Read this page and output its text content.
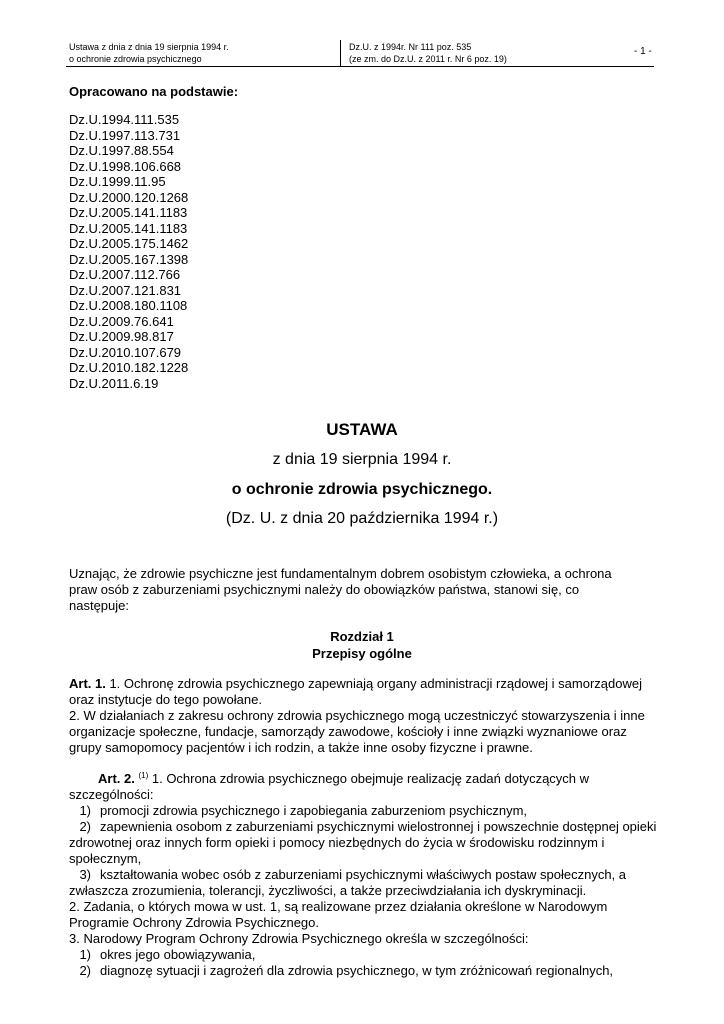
Ustawa z dnia z dnia 19 sierpnia 1994 r.
o ochronie zdrowia psychicznego
Dz.U. z 1994r. Nr 111 poz. 535
(ze zm. do Dz.U. z 2011 r. Nr 6 poz. 19)
- 1 -
Opracowano na podstawie:
Dz.U.1994.111.535
Dz.U.1997.113.731
Dz.U.1997.88.554
Dz.U.1998.106.668
Dz.U.1999.11.95
Dz.U.2000.120.1268
Dz.U.2005.141.1183
Dz.U.2005.141.1183
Dz.U.2005.175.1462
Dz.U.2005.167.1398
Dz.U.2007.112.766
Dz.U.2007.121.831
Dz.U.2008.180.1108
Dz.U.2009.76.641
Dz.U.2009.98.817
Dz.U.2010.107.679
Dz.U.2010.182.1228
Dz.U.2011.6.19
USTAWA
z dnia 19 sierpnia 1994 r.
o ochronie zdrowia psychicznego.
(Dz. U. z dnia 20 października 1994 r.)
Uznając, że zdrowie psychiczne jest fundamentalnym dobrem osobistym człowieka, a ochrona praw osób z zaburzeniami psychicznymi należy do obowiązków państwa, stanowi się, co następuje:
Rozdział 1
Przepisy ogólne
Art. 1. 1. Ochronę zdrowia psychicznego zapewniają organy administracji rządowej i samorządowej oraz instytucje do tego powołane.
2. W działaniach z zakresu ochrony zdrowia psychicznego mogą uczestniczyć stowarzyszenia i inne organizacje społeczne, fundacje, samorządy zawodowe, kościoły i inne związki wyznaniowe oraz grupy samopomocy pacjentów i ich rodzin, a także inne osoby fizyczne i prawne.
Art. 2. $^{(1)}$ 1. Ochrona zdrowia psychicznego obejmuje realizację zadań dotyczących w szczególności:
1) promocji zdrowia psychicznego i zapobiegania zaburzeniom psychicznym,
2) zapewnienia osobom z zaburzeniami psychicznymi wielostronnej i powszechnie dostępnej opieki zdrowotnej oraz innych form opieki i pomocy niezbędnych do życia w środowisku rodzinnym i społecznym,
3) kształtowania wobec osób z zaburzeniami psychicznymi właściwych postaw społecznych, a zwłaszcza zrozumienia, tolerancji, życzliwości, a także przeciwdziałania ich dyskryminacji.
2. Zadania, o których mowa w ust. 1, są realizowane przez działania określone w Narodowym Programie Ochrony Zdrowia Psychicznego.
3. Narodowy Program Ochrony Zdrowia Psychicznego określa w szczególności:
1) okres jego obowiązywania,
2) diagnozę sytuacji i zagrożeń dla zdrowia psychicznego, w tym zróżnicowań regionalnych,
